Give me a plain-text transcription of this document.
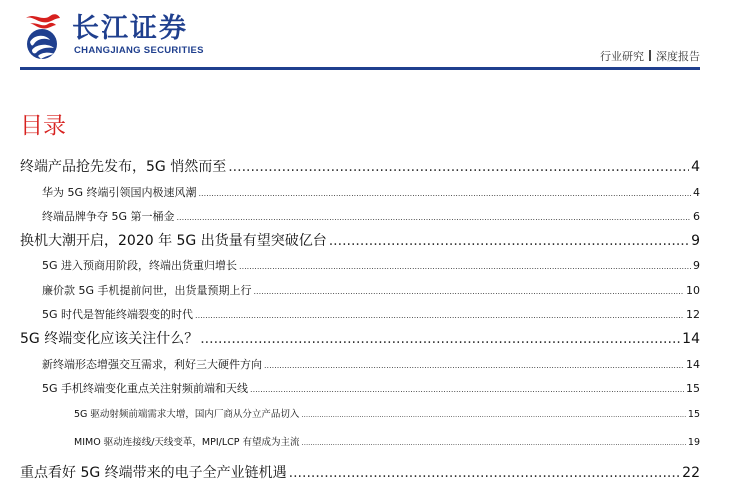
长江证券
CHANGJIANG SECURITIES	行业研究 深度报告
目录
终端产品抢先发布，5G 悄然而至 .....	4
华为 5G 终端引领国内极速风潮 .....	4
终端品牌争夺 5G 第一桶金 .....	6
换机大潮开启，2020 年 5G 出货量有望突破亿台 .....	9
5G 进入预商用阶段，终端出货重归增长 .....	9
廉价款 5G 手机提前问世，出货量预期上行 .....	10
5G 时代是智能终端裂变的时代 .....	12
5G 终端变化应该关注什么？ .....	14
新终端形态增强交互需求，利好三大硬件方向 .....	14
5G 手机终端变化重点关注射频前端和天线 .....	15
5G 驱动射频前端需求大增，国内厂商从分立产品切入 .....	15
MIMO 驱动连接线/天线变革，MPI/LCP 有望成为主流 .....	19
重点看好 5G 终端带来的电子全产业链机遇 .....	22
